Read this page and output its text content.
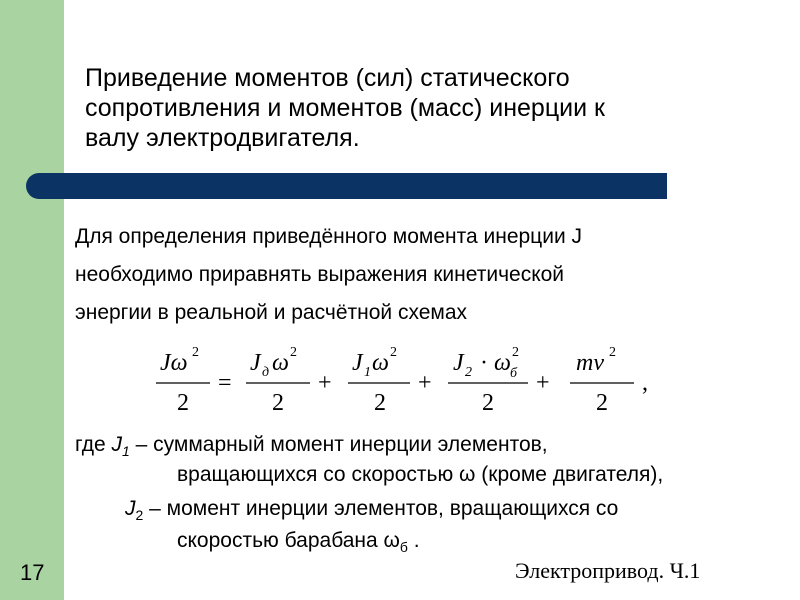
Приведение моментов (сил) статического
сопротивления и моментов (масс) инерции к
валу электродвигателя.
Для определения приведённого момента инерции J
необходимо приравнять выражения кинетической
энергии в реальной и расчётной схемах
Jω 2
2
=
J д ω 2
2
+
J 1 ω 2
2
+
J 2 · ω б
2
2
+
mv 2
2
,
где $J_1$ – суммарный момент инерции элементов,
вращающихся со скоростью ω (кроме двигателя),
$J_2$ – момент инерции элементов, вращающихся со
скоростью барабана $\omega_б$ .
17	Электропривод. Ч.1
